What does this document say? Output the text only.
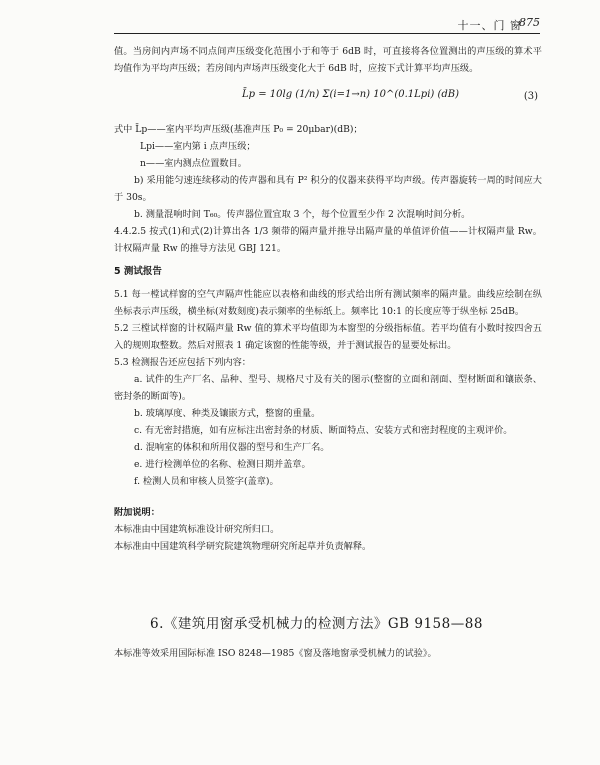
十一、门 窗
875

值。当房间内声场不同点间声压级变化范围小于和等于 6dB 时，可直接将各位置测出的声压级的算术平均值作为平均声压级；若房间内声场声压级变化大于 6dB 时，应按下式计算平均声压级。

L̄p = 10lg (1/n) Σ(i=1→n) 10^(0.1Lpi) (dB)	(3)
式中 L̄p——室内平均声压级(基准声压 P₀ = 20μbar)(dB)；
Lpi——室内第 i 点声压级；
n——室内测点位置数目。

b) 采用能匀速连续移动的传声器和具有 P² 积分的仪器来获得平均声级。传声器旋转一周的时间应大于 30s。

b. 测量混响时间 T₆₀。传声器位置宜取 3 个，每个位置至少作 2 次混响时间分析。

4.4.2.5 按式(1)和式(2)计算出各 1/3 频带的隔声量并推导出隔声量的单值评价值——计权隔声量 Rw。计权隔声量 Rw 的推导方法见 GBJ 121。

5 测试报告

5.1 每一樘试样窗的空气声隔声性能应以表格和曲线的形式给出所有测试频率的隔声量。曲线应绘制在纵坐标表示声压级，横坐标(对数刻度)表示频率的坐标纸上。频率比 10:1 的长度应等于纵坐标 25dB。

5.2 三樘试样窗的计权隔声量 Rw 值的算术平均值即为本窗型的分级指标值。若平均值有小数时按四舍五入的规则取整数。然后对照表 1 确定该窗的性能等级，并于测试报告的显要处标出。

5.3 检测报告还应包括下列内容：

a. 试件的生产厂名、品种、型号、规格尺寸及有关的图示(整窗的立面和剖面、型材断面和镶嵌条、密封条的断面等)。

b. 玻璃厚度、种类及镶嵌方式，整窗的重量。

c. 有无密封措施，如有应标注出密封条的材质、断面特点、安装方式和密封程度的主观评价。

d. 混响室的体积和所用仪器的型号和生产厂名。

e. 进行检测单位的名称、检测日期并盖章。

f. 检测人员和审核人员签字(盖章)。

附加说明：

本标准由中国建筑标准设计研究所归口。

本标准由中国建筑科学研究院建筑物理研究所起草并负责解释。

6.《建筑用窗承受机械力的检测方法》GB 9158—88

本标准等效采用国际标准 ISO 8248—1985《窗及落地窗承受机械力的试验》。
